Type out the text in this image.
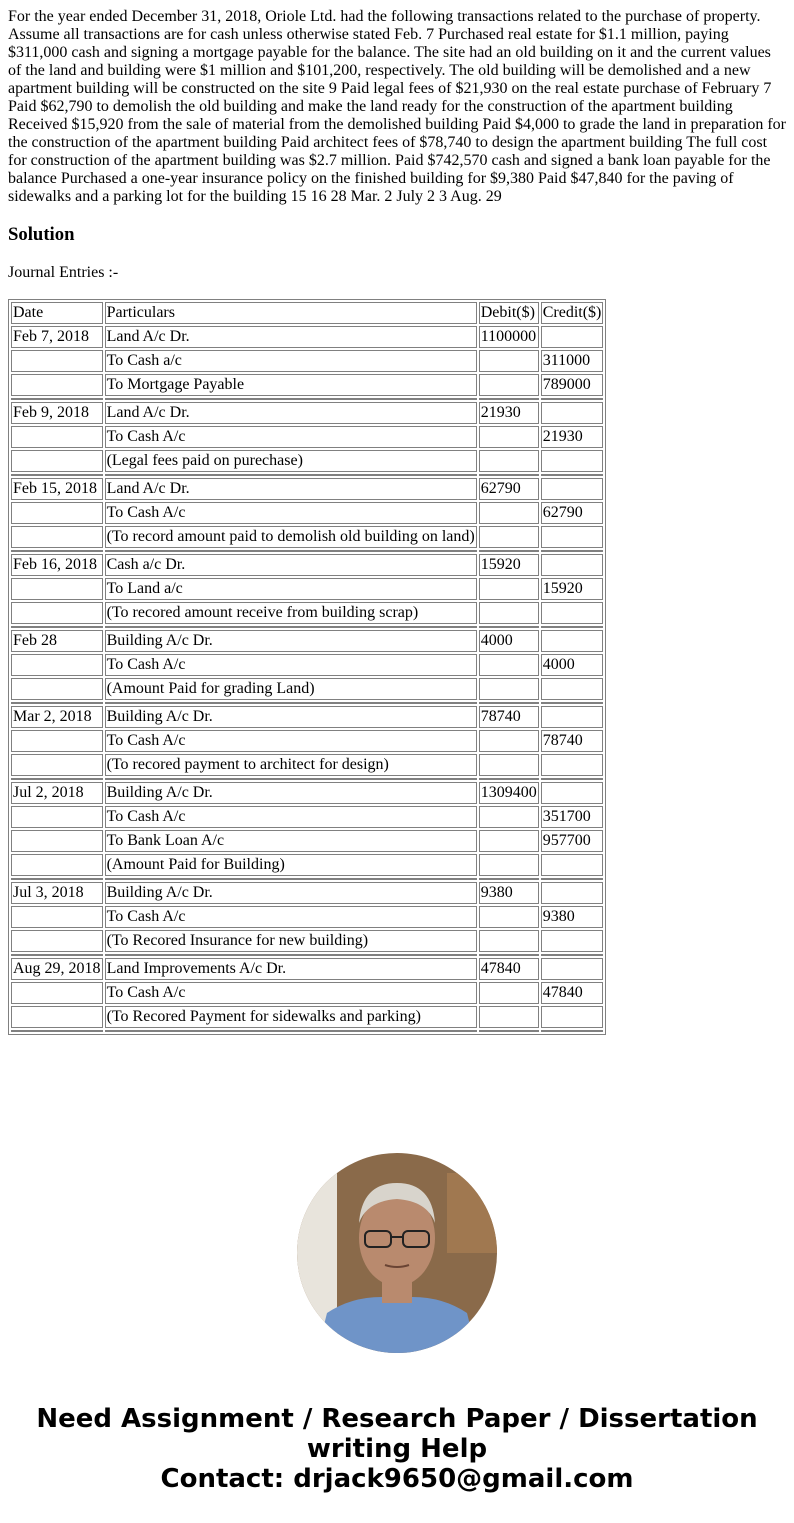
For the year ended December 31, 2018, Oriole Ltd. had the following transactions related to the purchase of property. Assume all transactions are for cash unless otherwise stated Feb. 7 Purchased real estate for $1.1 million, paying $311,000 cash and signing a mortgage payable for the balance. The site had an old building on it and the current values of the land and building were $1 million and $101,200, respectively. The old building will be demolished and a new apartment building will be constructed on the site 9 Paid legal fees of $21,930 on the real estate purchase of February 7 Paid $62,790 to demolish the old building and make the land ready for the construction of the apartment building Received $15,920 from the sale of material from the demolished building Paid $4,000 to grade the land in preparation for the construction of the apartment building Paid architect fees of $78,740 to design the apartment building The full cost for construction of the apartment building was $2.7 million. Paid $742,570 cash and signed a bank loan payable for the balance Purchased a one-year insurance policy on the finished building for $9,380 Paid $47,840 for the paving of sidewalks and a parking lot for the building 15 16 28 Mar. 2 July 2 3 Aug. 29

Solution

Journal Entries :-

Date	Particulars	Debit($)	Credit($)
Feb 7, 2018	Land A/c Dr.	1100000	
	To Cash a/c		311000
	To Mortgage Payable		789000

Feb 9, 2018	Land A/c Dr.	21930	
	To Cash A/c		21930
	(Legal fees paid on purechase)		

Feb 15, 2018	Land A/c Dr.	62790	
	To Cash A/c		62790
	(To record amount paid to demolish old building on land)		

Feb 16, 2018	Cash a/c Dr.	15920	
	To Land a/c		15920
	(To recored amount receive from building scrap)		

Feb 28	Building A/c Dr.	4000	
	To Cash A/c		4000
	(Amount Paid for grading Land)		

Mar 2, 2018	Building A/c Dr.	78740	
	To Cash A/c		78740
	(To recored payment to architect for design)		

Jul 2, 2018	Building A/c Dr.	1309400	
	To Cash A/c		351700
	To Bank Loan A/c		957700
	(Amount Paid for Building)		

Jul 3, 2018	Building A/c Dr.	9380	
	To Cash A/c		9380
	(To Recored Insurance for new building)		

Aug 29, 2018	Land Improvements A/c Dr.	47840	
	To Cash A/c		47840
	(To Recored Payment for sidewalks and parking)		

Need Assignment / Research Paper / Dissertation
writing Help
Contact: drjack9650@gmail.com
